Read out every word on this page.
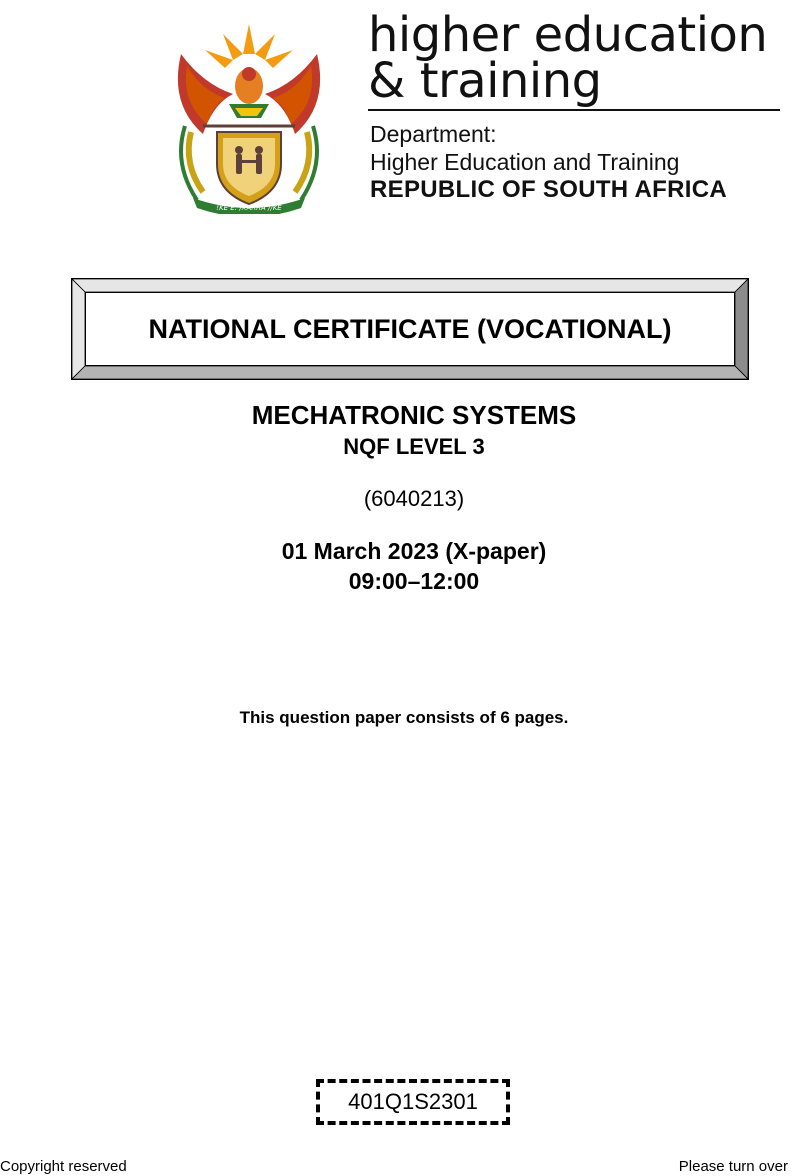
!KE E: /XARRA //KE
higher education
& training
Department:
Higher Education and Training
REPUBLIC OF SOUTH AFRICA
NATIONAL CERTIFICATE (VOCATIONAL)
MECHATRONIC SYSTEMS
NQF LEVEL 3
(6040213)
01 March 2023 (X-paper)
09:00–12:00
This question paper consists of 6 pages.
401Q1S2301
Copyright reserved	Please turn over
